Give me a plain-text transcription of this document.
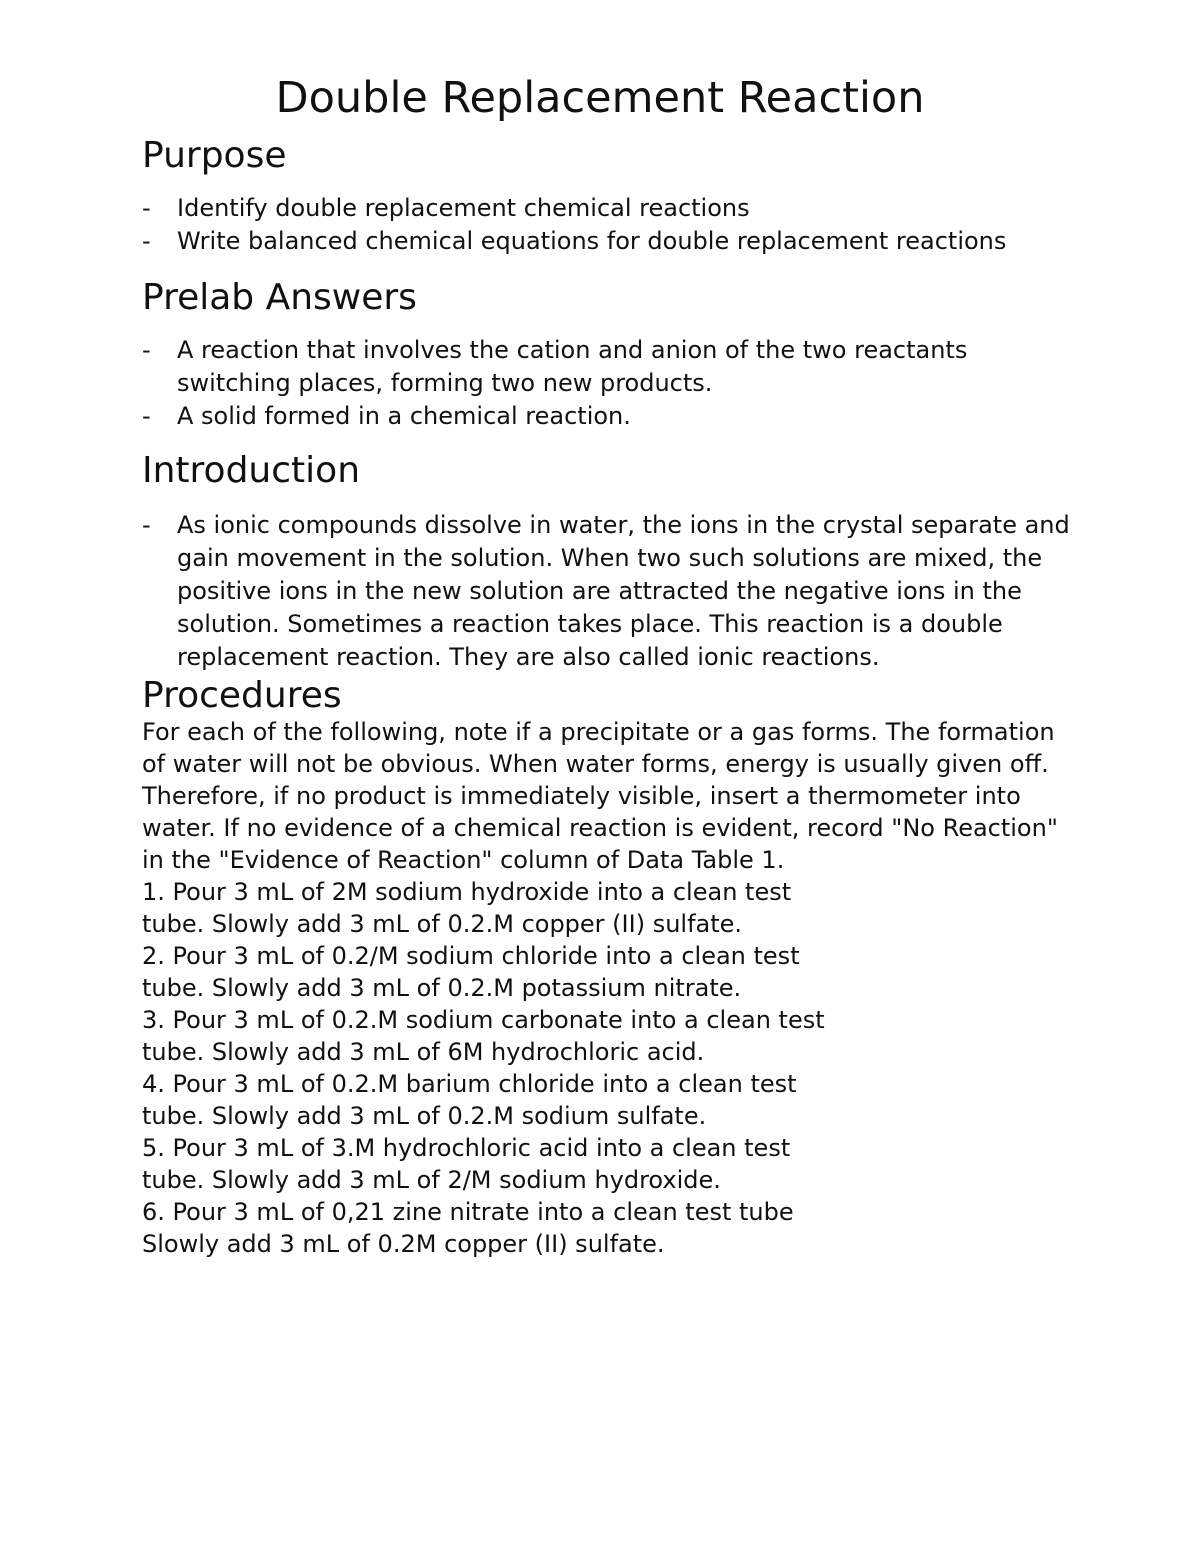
Double Replacement Reaction
Purpose
- Identify double replacement chemical reactions
- Write balanced chemical equations for double replacement reactions
Prelab Answers
- A reaction that involves the cation and anion of the two reactants switching places, forming two new products.
- A solid formed in a chemical reaction.
Introduction
- As ionic compounds dissolve in water, the ions in the crystal separate and gain movement in the solution. When two such solutions are mixed, the positive ions in the new solution are attracted the negative ions in the solution. Sometimes a reaction takes place. This reaction is a double replacement reaction. They are also called ionic reactions.
Procedures

For each of the following, note if a precipitate or a gas forms. The formation of water will not be obvious. When water forms, energy is usually given off. Therefore, if no product is immediately visible, insert a thermometer into water. If no evidence of a chemical reaction is evident, record "No Reaction" in the "Evidence of Reaction" column of Data Table 1.

1. Pour 3 mL of 2M sodium hydroxide into a clean test
tube. Slowly add 3 mL of 0.2.M copper (II) sulfate.
2. Pour 3 mL of 0.2/M sodium chloride into a clean test
tube. Slowly add 3 mL of 0.2.M potassium nitrate.
3. Pour 3 mL of 0.2.M sodium carbonate into a clean test
tube. Slowly add 3 mL of 6M hydrochloric acid.
4. Pour 3 mL of 0.2.M barium chloride into a clean test
tube. Slowly add 3 mL of 0.2.M sodium sulfate.
5. Pour 3 mL of 3.M hydrochloric acid into a clean test
tube. Slowly add 3 mL of 2/M sodium hydroxide.
6. Pour 3 mL of 0,21 zine nitrate into a clean test tube
Slowly add 3 mL of 0.2M copper (II) sulfate.
